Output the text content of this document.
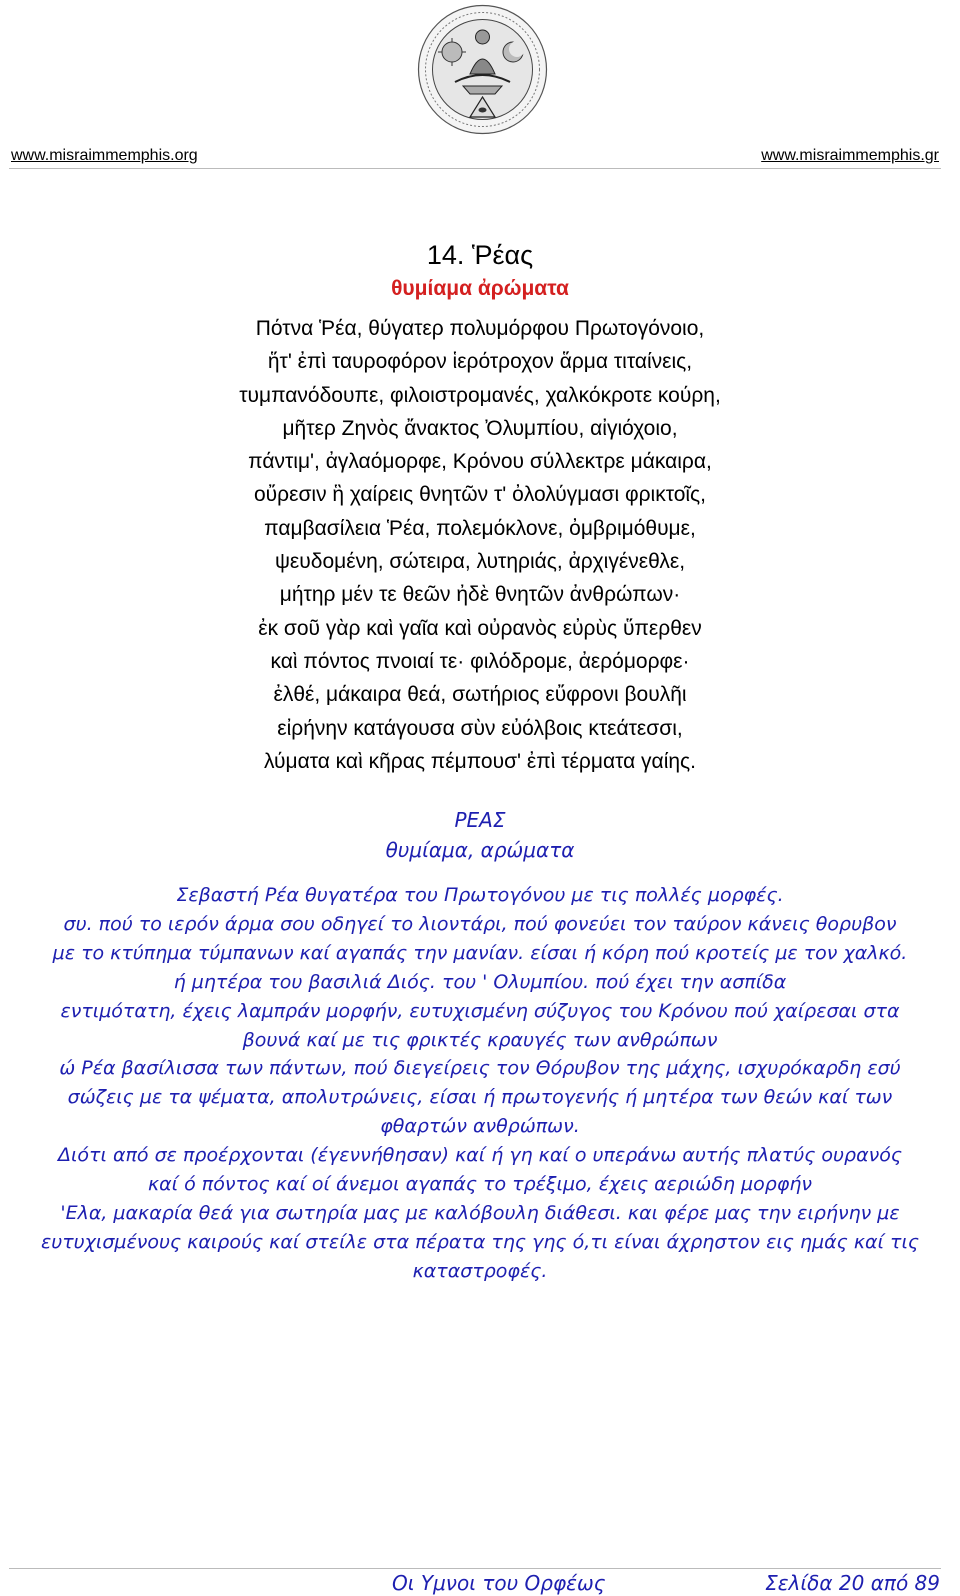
www.misraimmemphis.org	www.misraimmemphis.gr
14. Ῥέας
θυμίαμα ἀρώματα
Πότνα Ῥέα, θύγατερ πολυμόρφου Πρωτογόνοιο,
ἥτ' ἐπὶ ταυροφόρον ἱερότροχον ἅρμα τιταίνεις,
τυμπανόδουπε, φιλοιστρομανές, χαλκόκροτε κούρη,
μῆτερ Ζηνὸς ἄνακτος Ὀλυμπίου, αἰγιόχοιο,
πάντιμ', ἀγλαόμορφε, Κρόνου σύλλεκτρε μάκαιρα,
οὔρεσιν ἣ χαίρεις θνητῶν τ' ὀλολύγμασι φρικτοῖς,
παμβασίλεια Ῥέα, πολεμόκλονε, ὀμβριμόθυμε,
ψευδομένη, σώτειρα, λυτηριάς, ἀρχιγένεθλε,
μήτηρ μέν τε θεῶν ἠδὲ θνητῶν ἀνθρώπων·
ἐκ σοῦ γὰρ καὶ γαῖα καὶ οὐρανὸς εὐρὺς ὕπερθεν
καὶ πόντος πνοιαί τε· φιλόδρομε, ἀερόμορφε·
ἐλθέ, μάκαιρα θεά, σωτήριος εὔφρονι βουλῆι
εἰρήνην κατάγουσα σὺν εὐόλβοις κτεάτεσσι,
λύματα καὶ κῆρας πέμπουσ' ἐπὶ τέρματα γαίης.
ΡΕΑΣ
θυμίαμα, αρώματα
Σεβαστή Ρέα θυγατέρα του Πρωτογόνου με τις πολλές μορφές.
συ. πού το ιερόν άρμα σου οδηγεί το λιοντάρι, πού φονεύει τον ταύρον κάνεις θορυβον
με το κτύπημα τύμπανων καί αγαπάς την μανίαν. είσαι ή κόρη πού κροτείς με τον χαλκό.
ή μητέρα του βασιλιά Διός. του ' Ολυμπίου. πού έχει την ασπίδα
εντιμότατη, έχεις λαμπράν μορφήν, ευτυχισμένη σύζυγος του Κρόνου πού χαίρεσαι στα
βουνά καί με τις φρικτές κραυγές των ανθρώπων
ώ Ρέα βασίλισσα των πάντων, πού διεγείρεις τον Θόρυβον της μάχης, ισχυρόκαρδη εσύ
σώζεις με τα ψέματα, απολυτρώνεις, είσαι ή πρωτογενής ή μητέρα των θεών καί των
φθαρτών ανθρώπων.
Διότι από σε προέρχονται (έγεννήθησαν) καί ή γη καί ο υπεράνω αυτής πλατύς ουρανός
καί ό πόντος καί οί άνεμοι αγαπάς το τρέξιμο, έχεις αεριώδη μορφήν
'Ελα, μακαρία θεά για σωτηρία μας με καλόβουλη διάθεσι. και φέρε μας την ειρήνην με
ευτυχισμένους καιρούς καί στείλε στα πέρατα της γης ό,τι είναι άχρηστον εις ημάς καί τις
καταστροφές.
Οι Υμνοι του Ορφέως	Σελίδα 20 από 89
